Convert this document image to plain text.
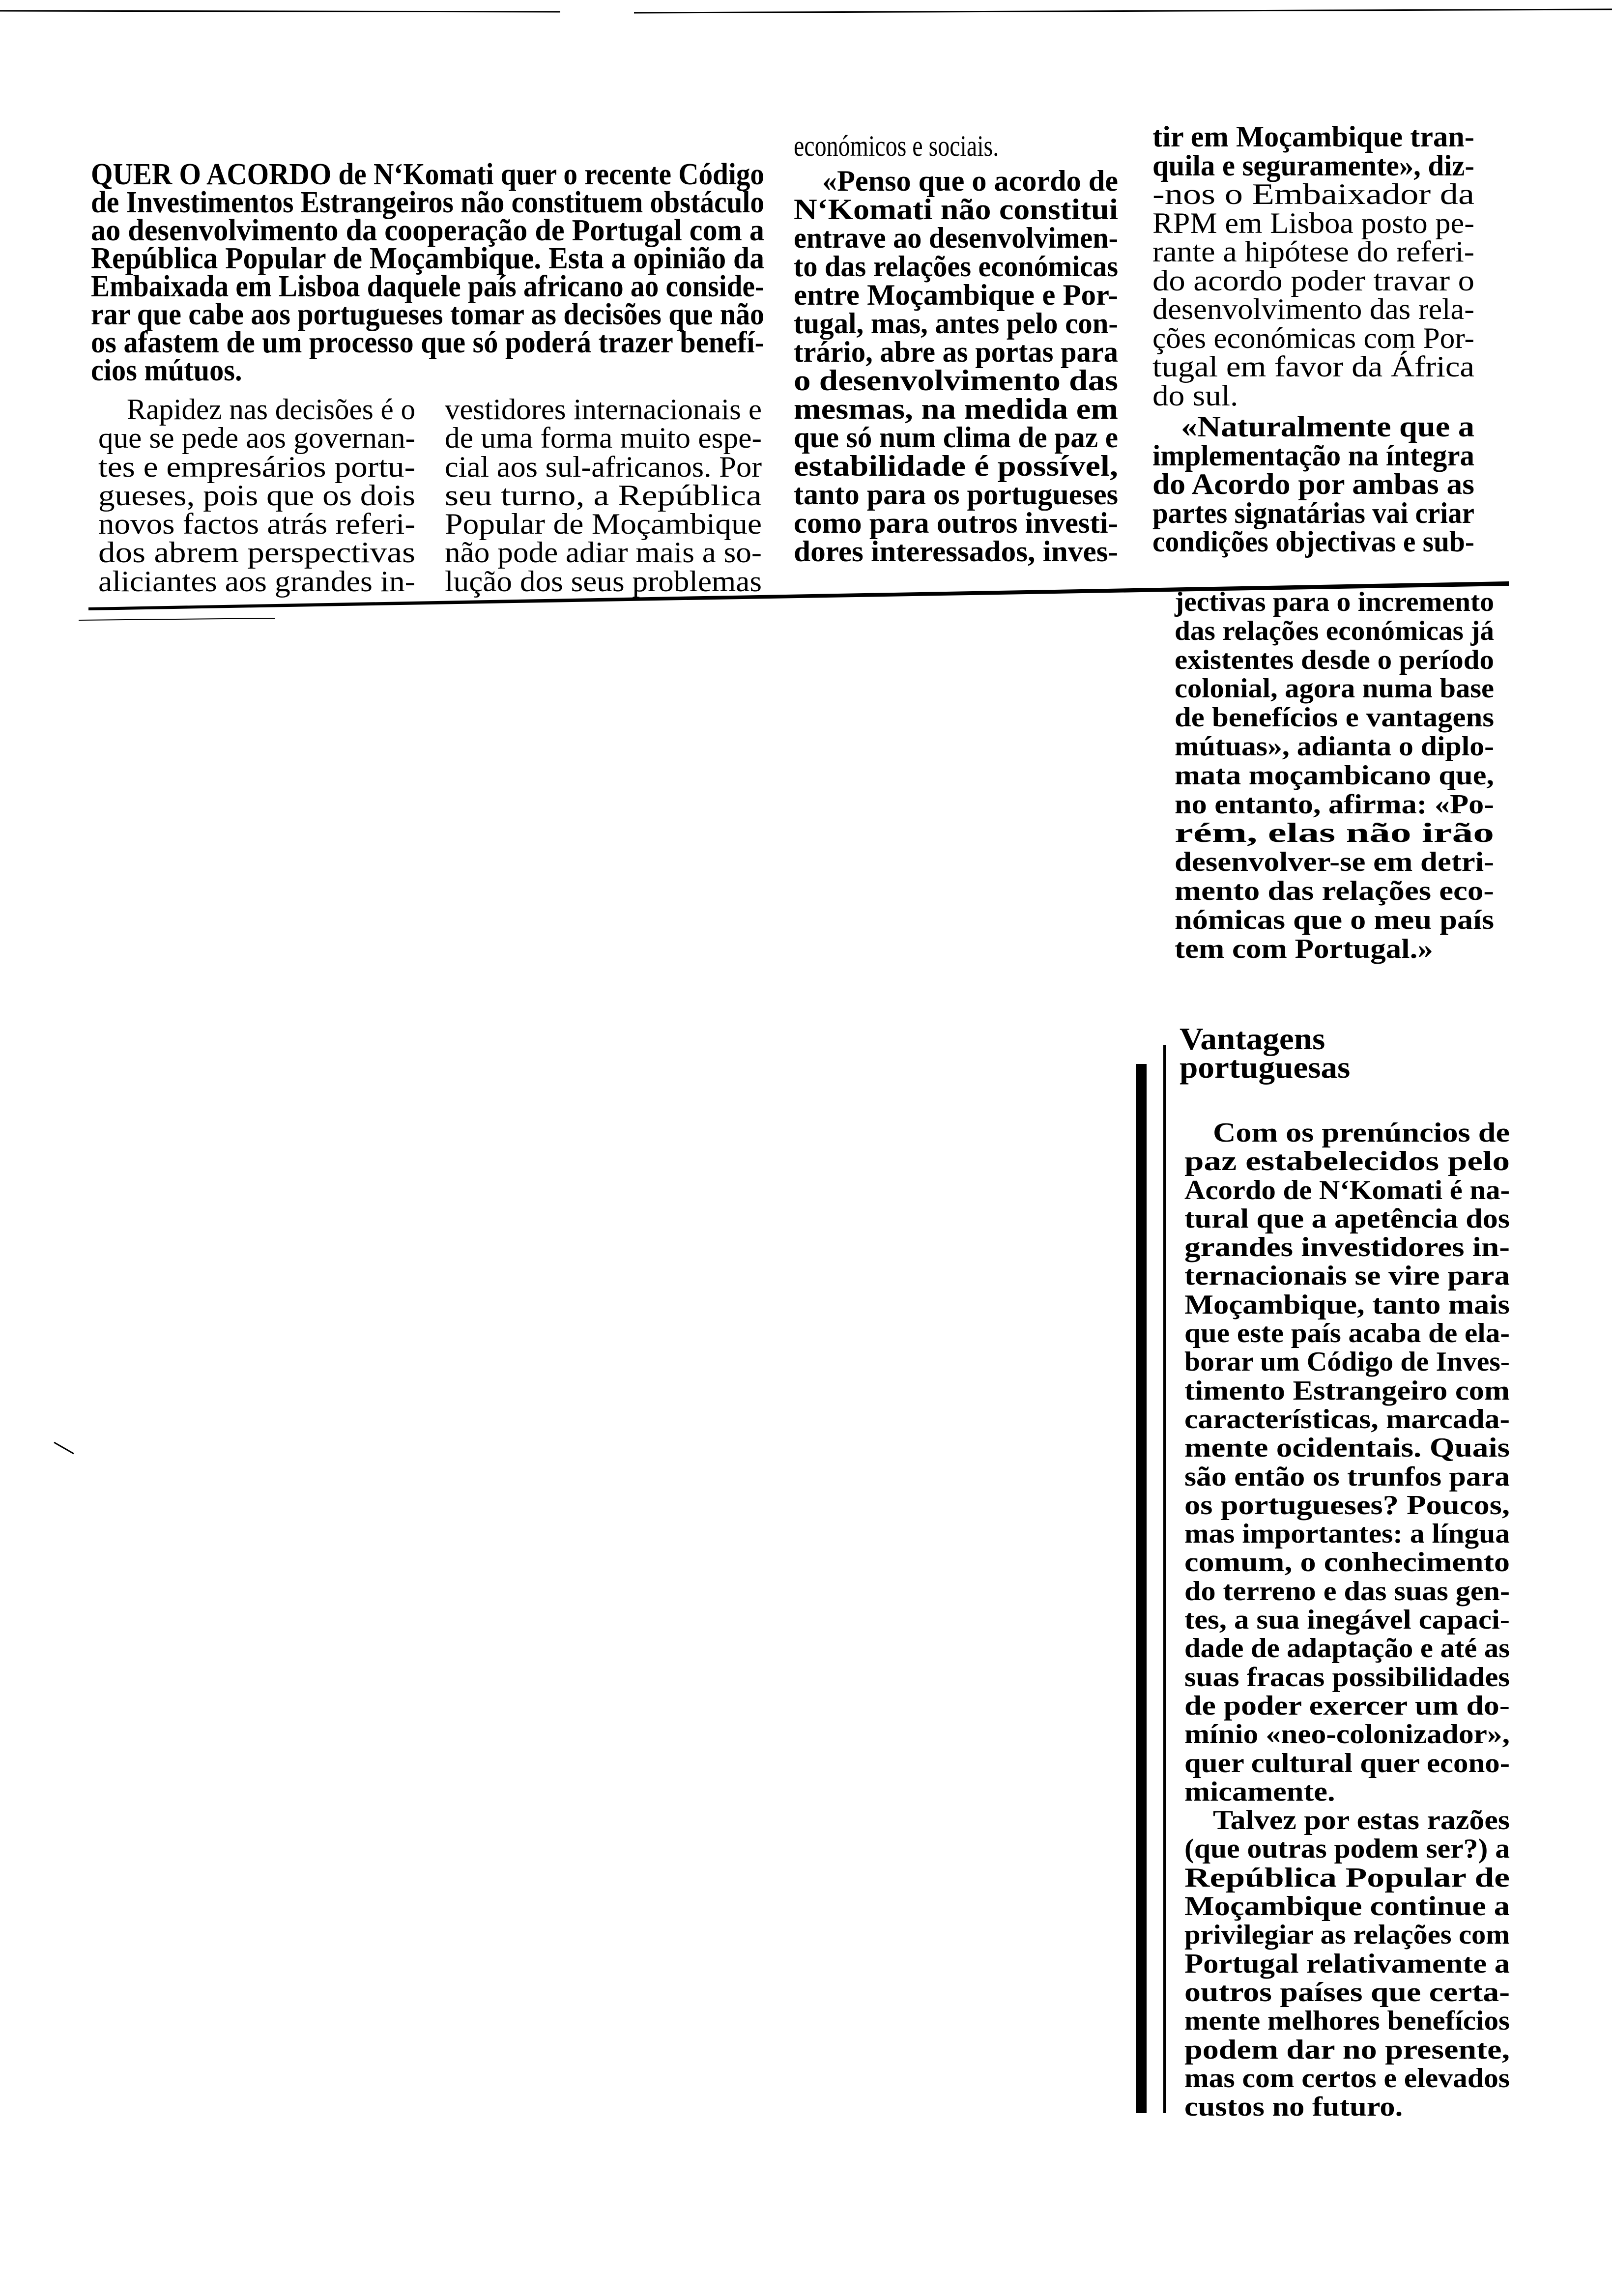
QUER O ACORDO de N‘Komati quer o recente Código
de Investimentos Estrangeiros não constituem obstáculo
ao desenvolvimento da cooperação de Portugal com a
República Popular de Moçambique. Esta a opinião da
Embaixada em Lisboa daquele país africano ao conside-
rar que cabe aos portugueses tomar as decisões que não
os afastem de um processo que só poderá trazer benefí-
cios mútuos.
Rapidez nas decisões é o
que se pede aos governan-
tes e empresários portu-
gueses, pois que os dois
novos factos atrás referi-
dos abrem perspectivas
aliciantes aos grandes in-
vestidores internacionais e
de uma forma muito espe-
cial aos sul-africanos. Por
seu turno, a República
Popular de Moçambique
não pode adiar mais a so-
lução dos seus problemas
económicos e sociais.
«Penso que o acordo de
N‘Komati não constitui
entrave ao desenvolvimen-
to das relações económicas
entre Moçambique e Por-
tugal, mas, antes pelo con-
trário, abre as portas para
o desenvolvimento das
mesmas, na medida em
que só num clima de paz e
estabilidade é possível,
tanto para os portugueses
como para outros investi-
dores interessados, inves-
tir em Moçambique tran-
quila e seguramente», diz-
-nos o Embaixador da
RPM em Lisboa posto pe-
rante a hipótese do referi-
do acordo poder travar o
desenvolvimento das rela-
ções económicas com Por-
tugal em favor da África
do sul.
«Naturalmente que a
implementação na íntegra
do Acordo por ambas as
partes signatárias vai criar
condições objectivas e sub-
jectivas para o incremento
das relações económicas já
existentes desde o período
colonial, agora numa base
de benefícios e vantagens
mútuas», adianta o diplo-
mata moçambicano que,
no entanto, afirma: «Po-
rém, elas não irão
desenvolver-se em detri-
mento das relações eco-
nómicas que o meu país
tem com Portugal.»
Vantagens
portuguesas
Com os prenúncios de
paz estabelecidos pelo
Acordo de N‘Komati é na-
tural que a apetência dos
grandes investidores in-
ternacionais se vire para
Moçambique, tanto mais
que este país acaba de ela-
borar um Código de Inves-
timento Estrangeiro com
características, marcada-
mente ocidentais. Quais
são então os trunfos para
os portugueses? Poucos,
mas importantes: a língua
comum, o conhecimento
do terreno e das suas gen-
tes, a sua inegável capaci-
dade de adaptação e até as
suas fracas possibilidades
de poder exercer um do-
mínio «neo-colonizador»,
quer cultural quer econo-
micamente.
Talvez por estas razões
(que outras podem ser?) a
República Popular de
Moçambique continue a
privilegiar as relações com
Portugal relativamente a
outros países que certa-
mente melhores benefícios
podem dar no presente,
mas com certos e elevados
custos no futuro.
